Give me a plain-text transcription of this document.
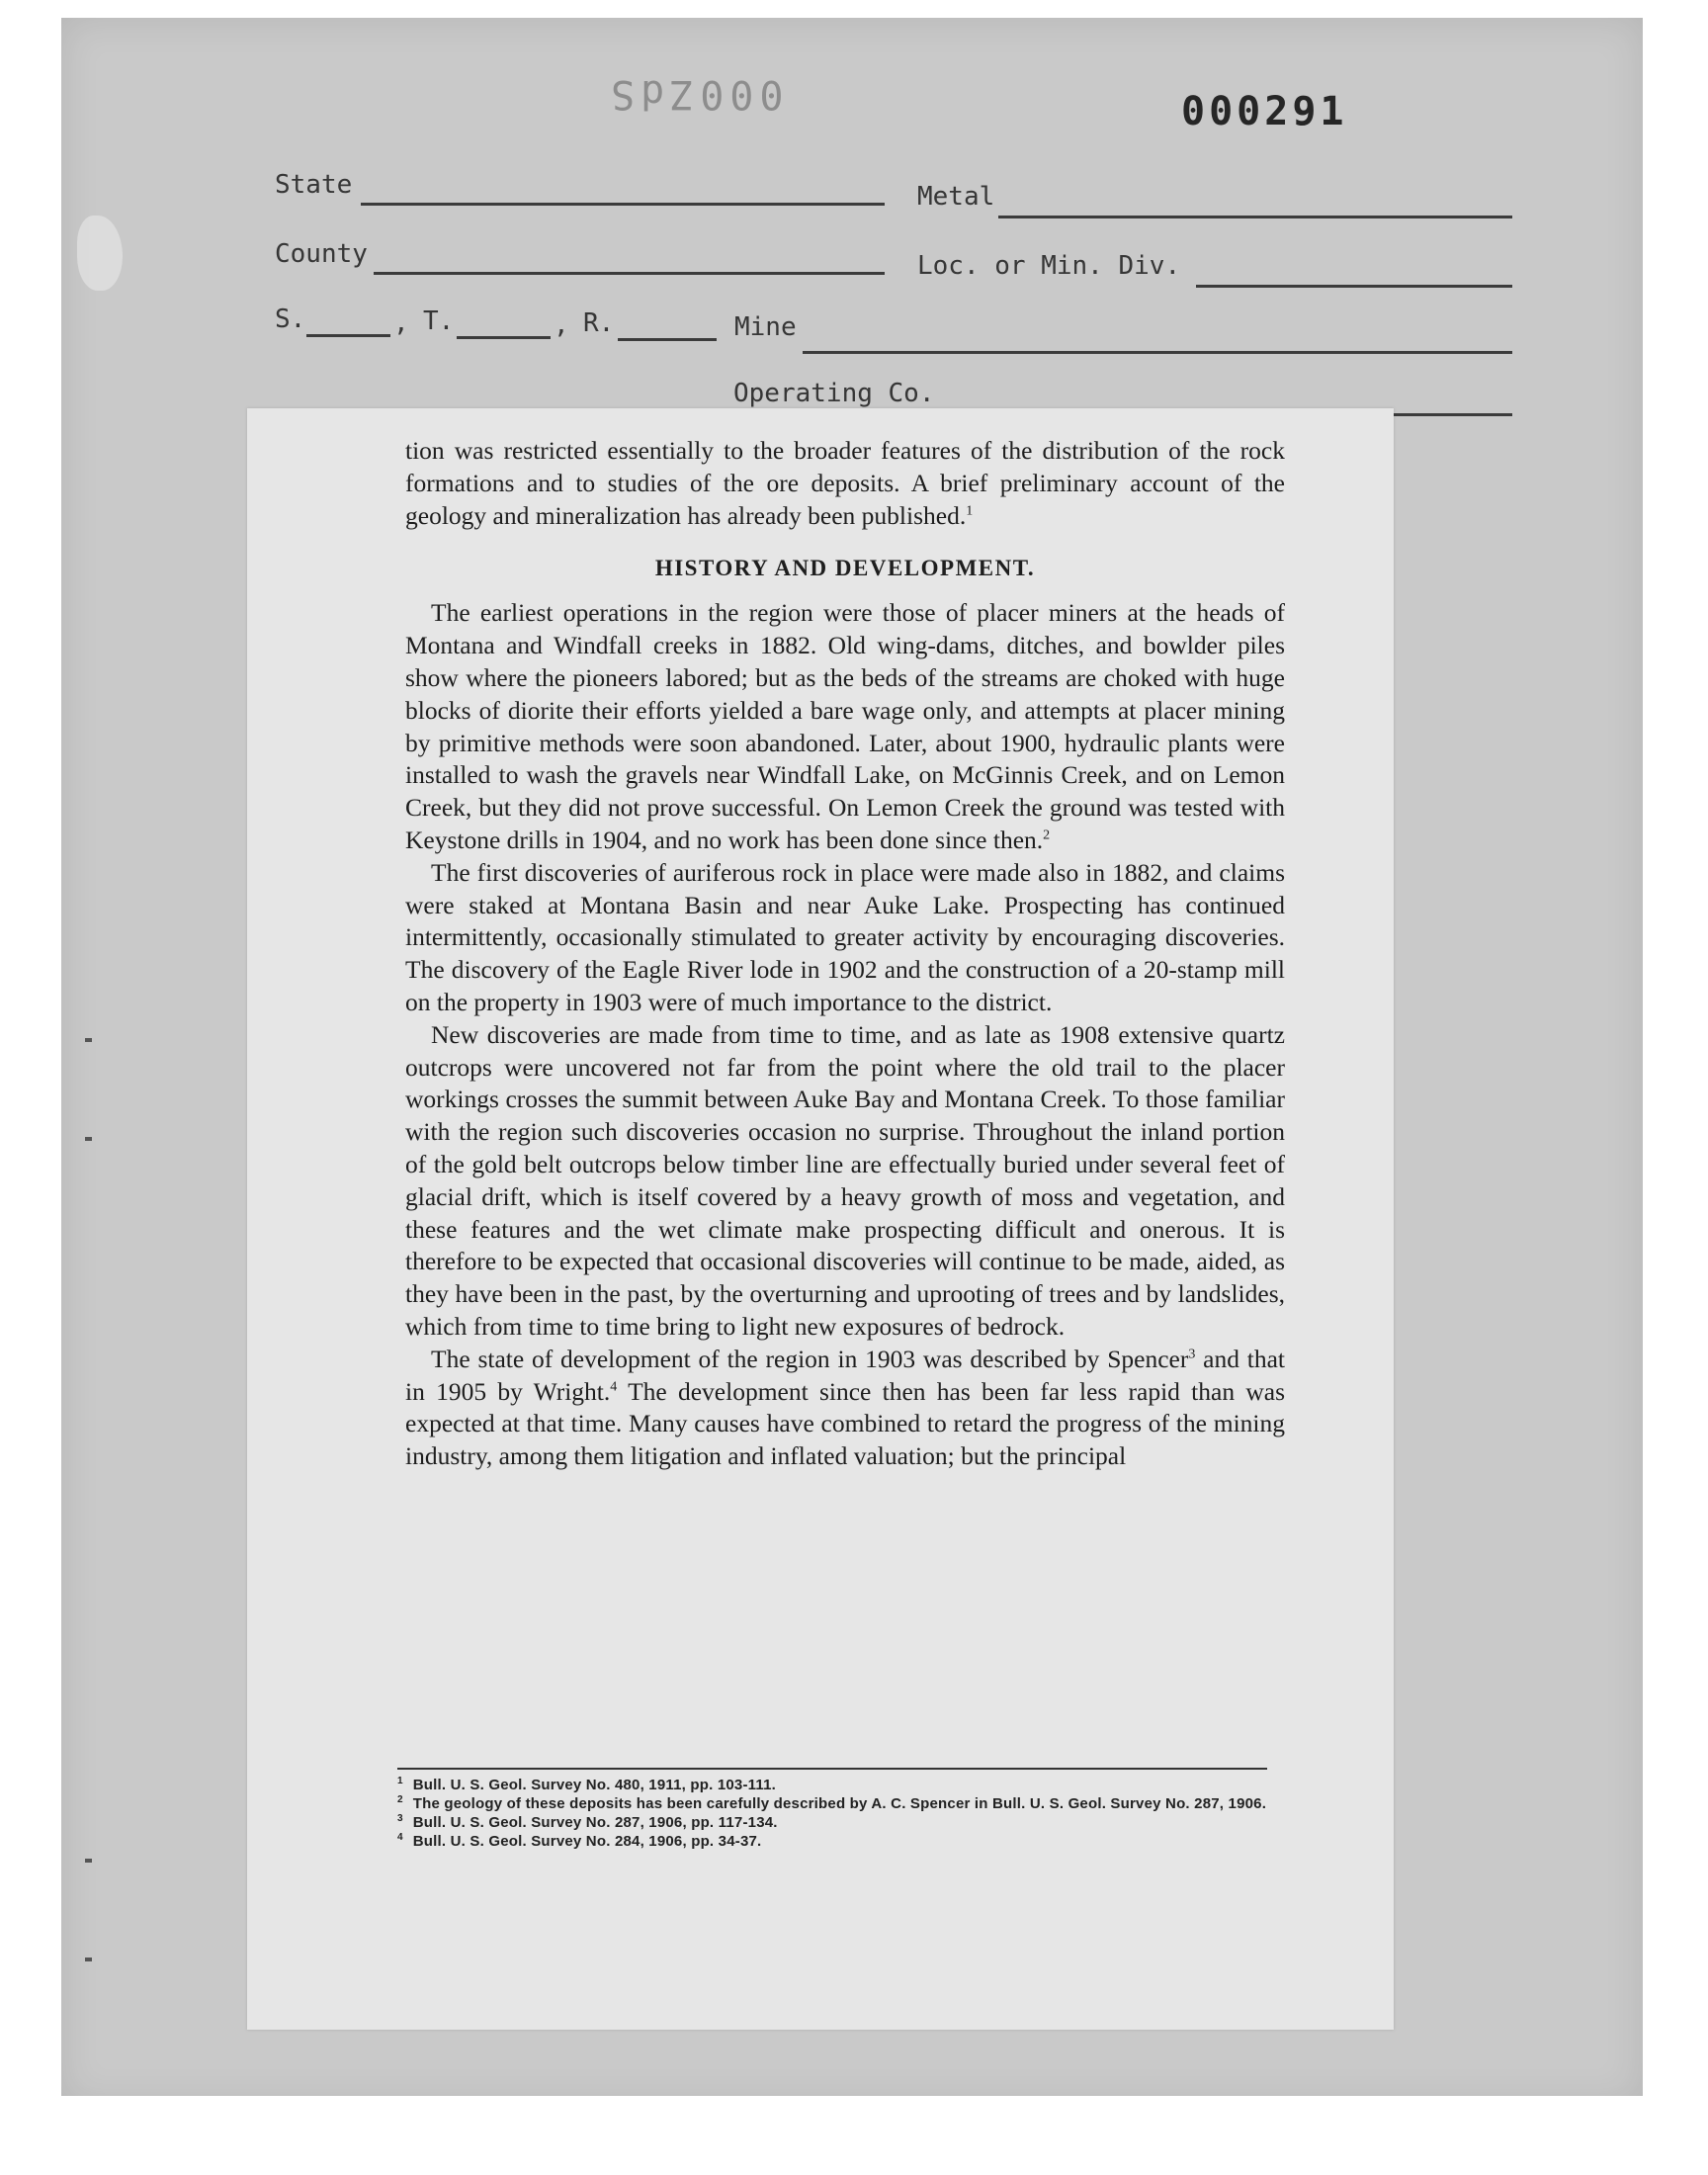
000ZdS	000291
State	Metal
County	Loc. or Min. Div.
S.	, T.	, R.	Mine
Operating Co.

tion was restricted essentially to the broader features of the distribution of the rock formations and to studies of the ore deposits. A brief preliminary account of the geology and mineralization has already been published.$^1$

HISTORY AND DEVELOPMENT.

The earliest operations in the region were those of placer miners at the heads of Montana and Windfall creeks in 1882. Old wing-dams, ditches, and bowlder piles show where the pioneers labored; but as the beds of the streams are choked with huge blocks of diorite their efforts yielded a bare wage only, and attempts at placer mining by primitive methods were soon abandoned. Later, about 1900, hydraulic plants were installed to wash the gravels near Windfall Lake, on McGinnis Creek, and on Lemon Creek, but they did not prove successful. On Lemon Creek the ground was tested with Keystone drills in 1904, and no work has been done since then.$^2$

The first discoveries of auriferous rock in place were made also in 1882, and claims were staked at Montana Basin and near Auke Lake. Prospecting has continued intermittently, occasionally stimulated to greater activity by encouraging discoveries. The discovery of the Eagle River lode in 1902 and the construction of a 20-stamp mill on the property in 1903 were of much importance to the district.

New discoveries are made from time to time, and as late as 1908 extensive quartz outcrops were uncovered not far from the point where the old trail to the placer workings crosses the summit between Auke Bay and Montana Creek. To those familiar with the region such discoveries occasion no surprise. Throughout the inland portion of the gold belt outcrops below timber line are effectually buried under several feet of glacial drift, which is itself covered by a heavy growth of moss and vegetation, and these features and the wet climate make prospecting difficult and onerous. It is therefore to be expected that occasional discoveries will continue to be made, aided, as they have been in the past, by the overturning and uprooting of trees and by landslides, which from time to time bring to light new exposures of bedrock.

The state of development of the region in 1903 was described by Spencer$^3$ and that in 1905 by Wright.$^4$ The development since then has been far less rapid than was expected at that time. Many causes have combined to retard the progress of the mining industry, among them litigation and inflated valuation; but the principal

$^1$ Bull. U. S. Geol. Survey No. 480, 1911, pp. 103-111.

$^2$ The geology of these deposits has been carefully described by A. C. Spencer in Bull. U. S. Geol. Survey No. 287, 1906.

$^3$ Bull. U. S. Geol. Survey No. 287, 1906, pp. 117-134.

$^4$ Bull. U. S. Geol. Survey No. 284, 1906, pp. 34-37.
